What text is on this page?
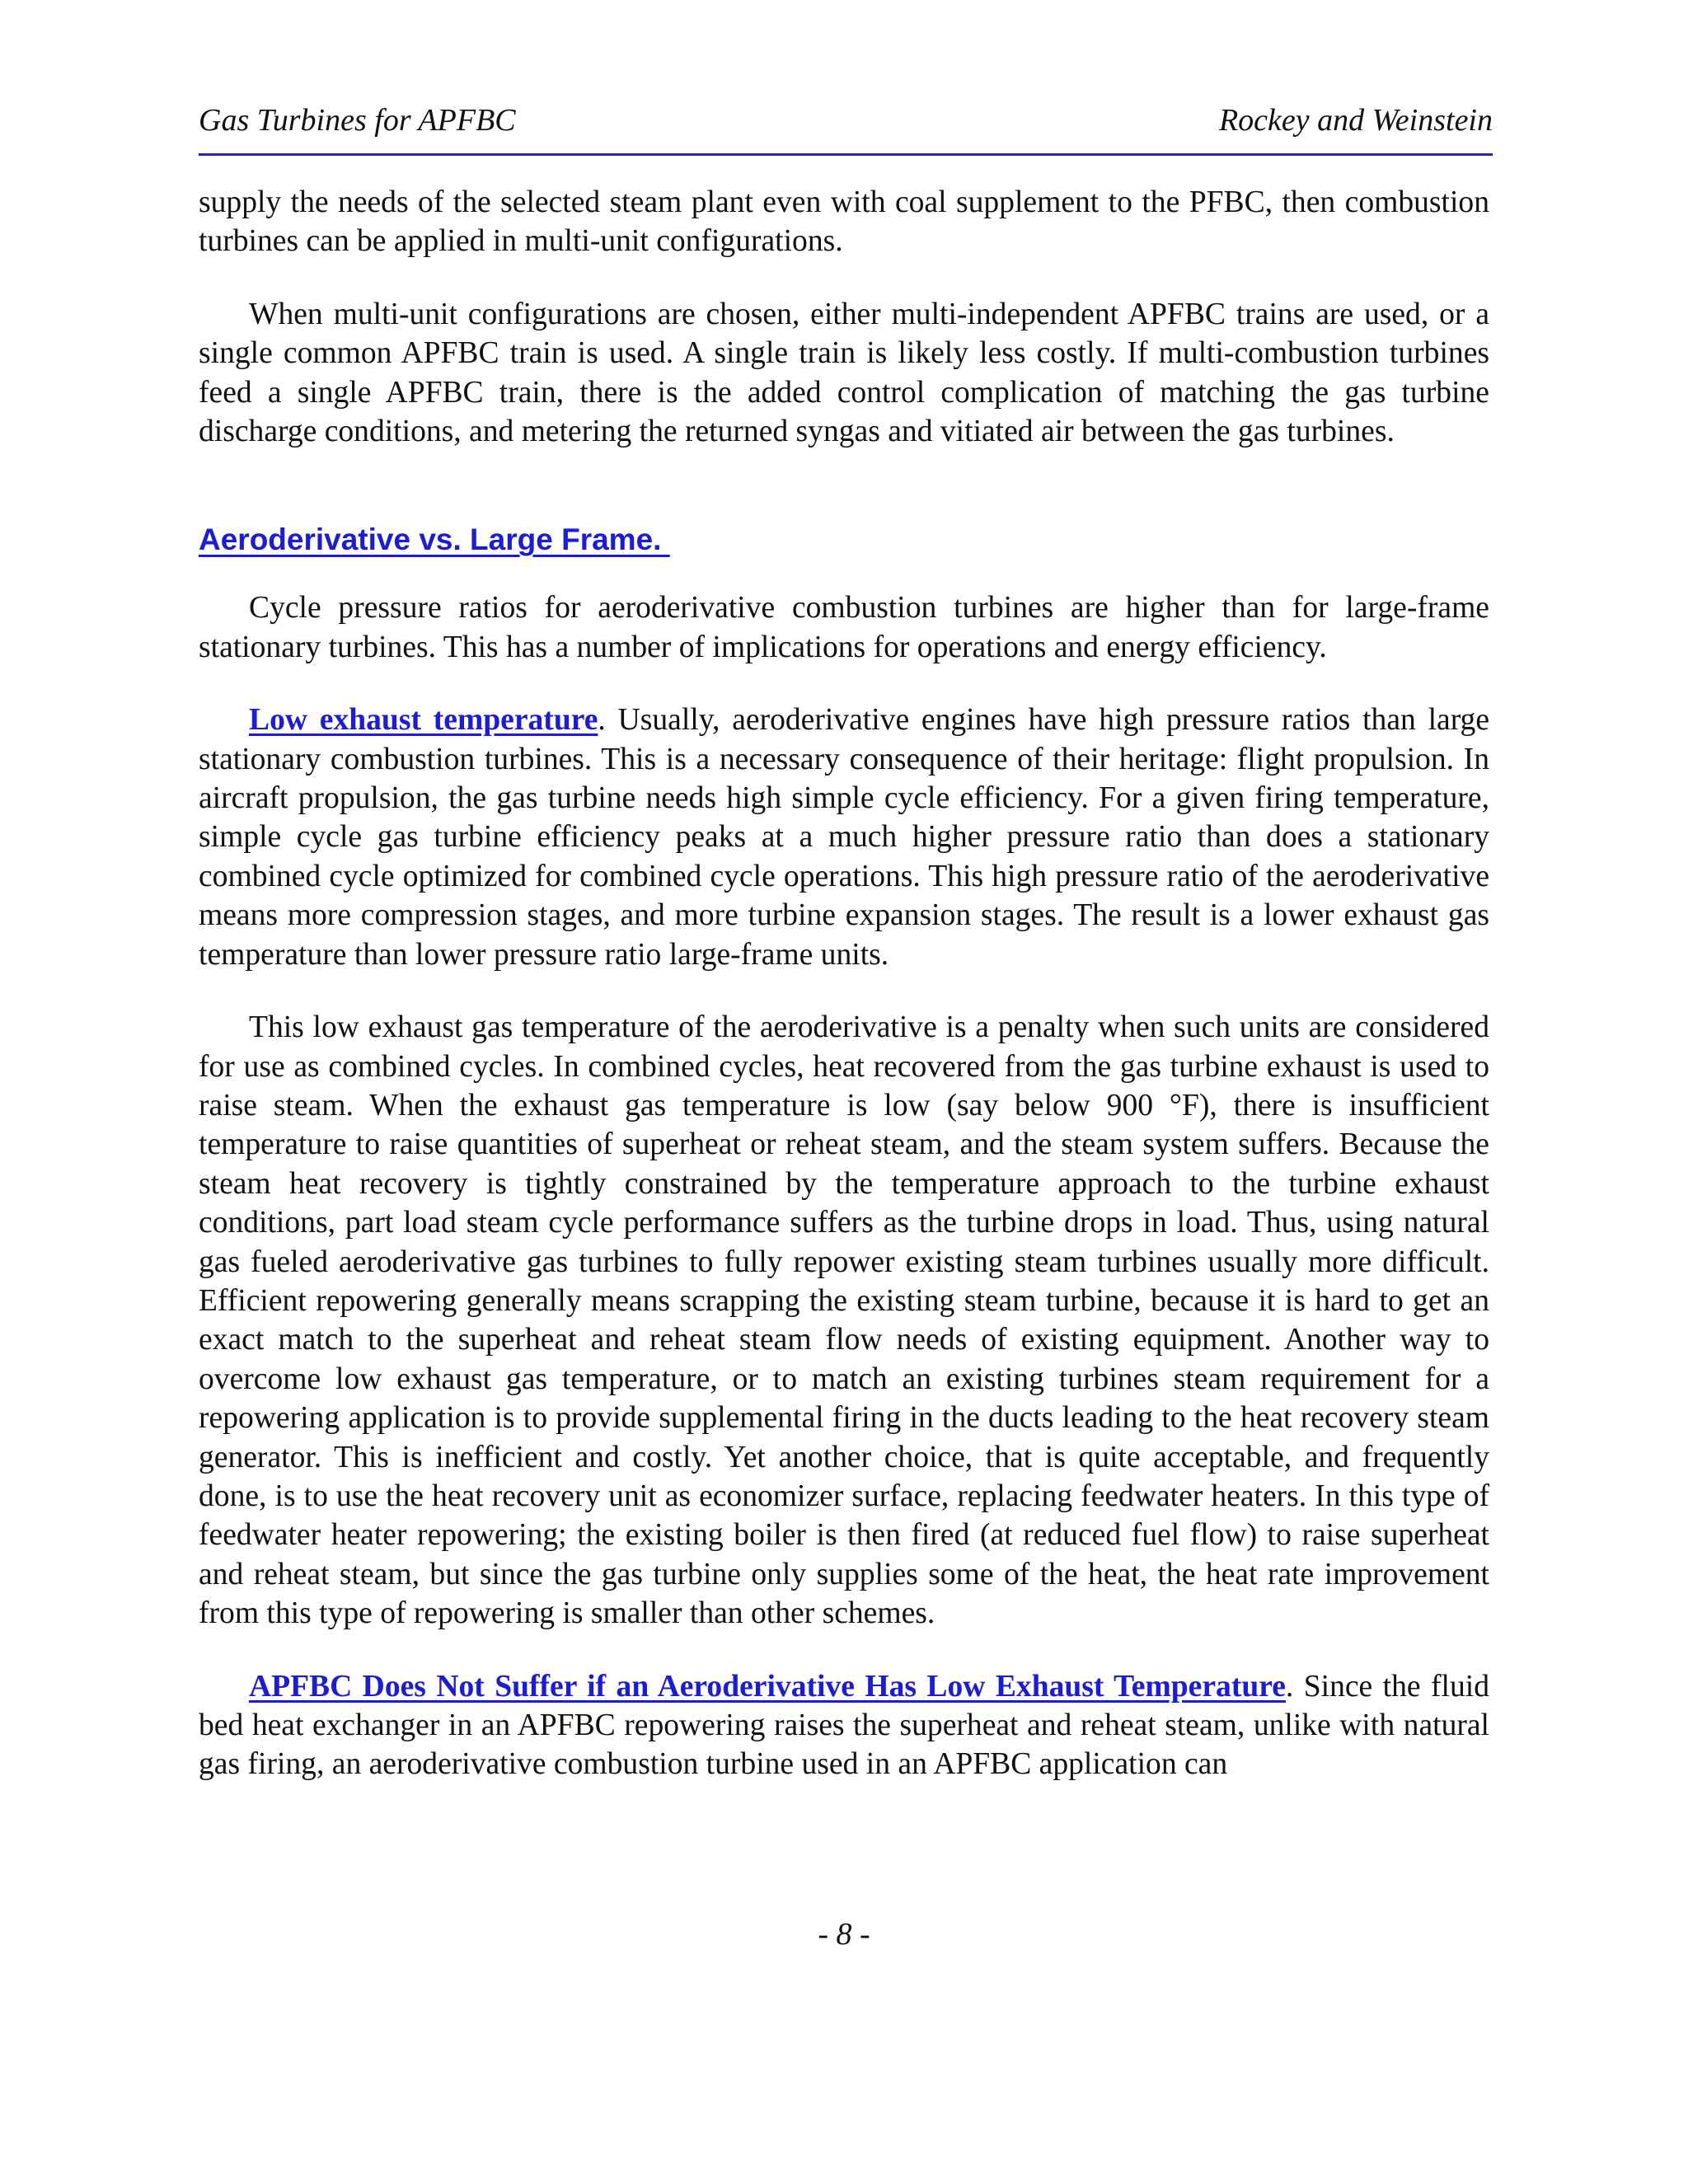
Gas Turbines for APFBC	Rockey and Weinstein

supply the needs of the selected steam plant even with coal supplement to the PFBC, then combustion turbines can be applied in multi-unit configurations.

When multi-unit configurations are chosen, either multi-independent APFBC trains are used, or a single common APFBC train is used. A single train is likely less costly. If multi-combustion turbines feed a single APFBC train, there is the added control complication of matching the gas turbine discharge conditions, and metering the returned syngas and vitiated air between the gas turbines.

Aeroderivative vs. Large Frame.

Cycle pressure ratios for aeroderivative combustion turbines are higher than for large-frame stationary turbines. This has a number of implications for operations and energy efficiency.

Low exhaust temperature. Usually, aeroderivative engines have high pressure ratios than large stationary combustion turbines. This is a necessary consequence of their heritage: flight propulsion. In aircraft propulsion, the gas turbine needs high simple cycle efficiency. For a given firing temperature, simple cycle gas turbine efficiency peaks at a much higher pressure ratio than does a stationary combined cycle optimized for combined cycle operations. This high pressure ratio of the aeroderivative means more compression stages, and more turbine expansion stages. The result is a lower exhaust gas temperature than lower pressure ratio large-frame units.

This low exhaust gas temperature of the aeroderivative is a penalty when such units are considered for use as combined cycles. In combined cycles, heat recovered from the gas turbine exhaust is used to raise steam. When the exhaust gas temperature is low (say below 900 °F), there is insufficient temperature to raise quantities of superheat or reheat steam, and the steam system suffers. Because the steam heat recovery is tightly constrained by the temperature approach to the turbine exhaust conditions, part load steam cycle performance suffers as the turbine drops in load. Thus, using natural gas fueled aeroderivative gas turbines to fully repower existing steam turbines usually more difficult. Efficient repowering generally means scrapping the existing steam turbine, because it is hard to get an exact match to the superheat and reheat steam flow needs of existing equipment. Another way to overcome low exhaust gas temperature, or to match an existing turbines steam requirement for a repowering application is to provide supplemental firing in the ducts leading to the heat recovery steam generator. This is inefficient and costly. Yet another choice, that is quite acceptable, and frequently done, is to use the heat recovery unit as economizer surface, replacing feedwater heaters. In this type of feedwater heater repowering; the existing boiler is then fired (at reduced fuel flow) to raise superheat and reheat steam, but since the gas turbine only supplies some of the heat, the heat rate improvement from this type of repowering is smaller than other schemes.

APFBC Does Not Suffer if an Aeroderivative Has Low Exhaust Temperature. Since the fluid bed heat exchanger in an APFBC repowering raises the superheat and reheat steam, unlike with natural gas firing, an aeroderivative combustion turbine used in an APFBC application can

- 8 -
